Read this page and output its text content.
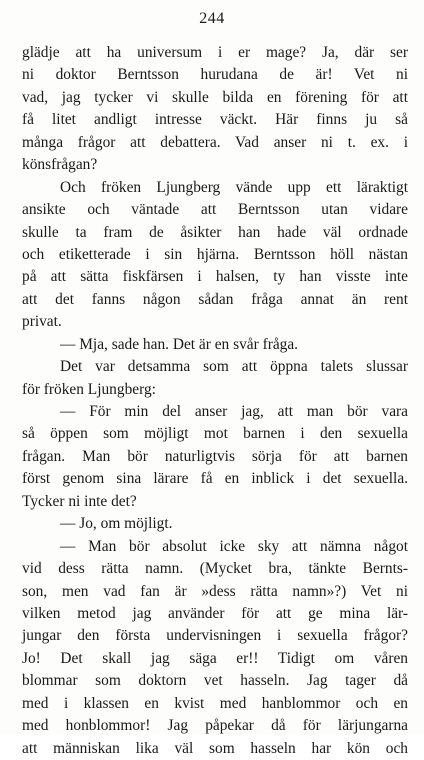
244
glädje att ha universum i er mage? Ja, där ser
ni doktor Berntsson hurudana de är! Vet ni
vad, jag tycker vi skulle bilda en förening för att
få litet andligt intresse väckt. Här finns ju så
många frågor att debattera. Vad anser ni t. ex. i
könsfrågan?
Och fröken Ljungberg vände upp ett läraktigt
ansikte och väntade att Berntsson utan vidare
skulle ta fram de åsikter han hade väl ordnade
och etiketterade i sin hjärna. Berntsson höll nästan
på att sätta fiskfärsen i halsen, ty han visste inte
att det fanns någon sådan fråga annat än rent
privat.
— Mja, sade han. Det är en svår fråga.
Det var detsamma som att öppna talets slussar
för fröken Ljungberg:
— För min del anser jag, att man bör vara
så öppen som möjligt mot barnen i den sexuella
frågan. Man bör naturligtvis sörja för att barnen
först genom sina lärare få en inblick i det sexuella.
Tycker ni inte det?
— Jo, om möjligt.
— Man bör absolut icke sky att nämna något
vid dess rätta namn. (Mycket bra, tänkte Bernts-
son, men vad fan är »dess rätta namn»?) Vet ni
vilken metod jag använder för att ge mina lär-
jungar den första undervisningen i sexuella frågor?
Jo! Det skall jag säga er!! Tidigt om våren
blommar som doktorn vet hasseln. Jag tager då
med i klassen en kvist med hanblommor och en
med honblommor! Jag påpekar då för lärjungarna
att människan lika väl som hasseln har kön och
